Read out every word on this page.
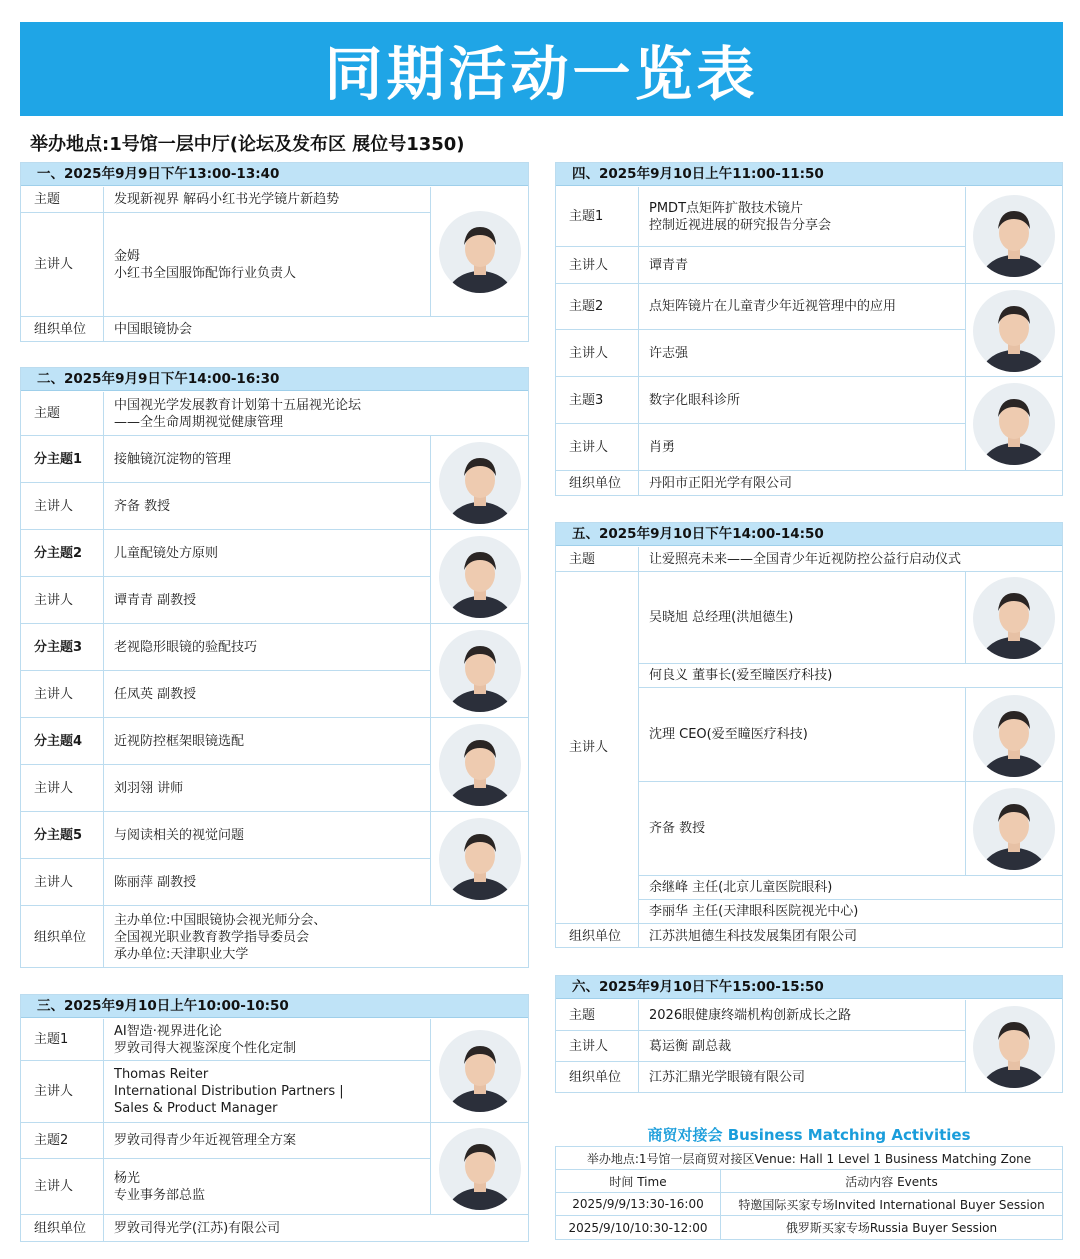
同期活动一览表
举办地点:1号馆一层中厅(论坛及发布区 展位号1350)
一、2025年9月9日下午13:00-13:40
主题	发现新视界 解码小红书光学镜片新趋势
主讲人
金姆
小红书全国服饰配饰行业负责人
组织单位	中国眼镜协会
二、2025年9月9日下午14:00-16:30
主题
中国视光学发展教育计划第十五届视光论坛
——全生命周期视觉健康管理
分主题1	接触镜沉淀物的管理
主讲人	齐备 教授
分主题2	儿童配镜处方原则
主讲人	谭青青 副教授
分主题3	老视隐形眼镜的验配技巧
主讲人	任凤英 副教授
分主题4	近视防控框架眼镜选配
主讲人	刘羽翎 讲师
分主题5	与阅读相关的视觉问题
主讲人	陈丽萍 副教授
组织单位
主办单位:中国眼镜协会视光师分会、
全国视光职业教育教学指导委员会
承办单位:天津职业大学
三、2025年9月10日上午10:00-10:50
主题1
AI智造·视界进化论
罗敦司得大视鉴深度个性化定制
主讲人
Thomas Reiter
International Distribution Partners |
Sales & Product Manager
主题2	罗敦司得青少年近视管理全方案
主讲人
杨光
专业事务部总监
组织单位	罗敦司得光学(江苏)有限公司
四、2025年9月10日上午11:00-11:50
主题1
PMDT点矩阵扩散技术镜片
控制近视进展的研究报告分享会
主讲人	谭青青
主题2	点矩阵镜片在儿童青少年近视管理中的应用
主讲人	许志强
主题3	数字化眼科诊所
主讲人	肖勇
组织单位	丹阳市正阳光学有限公司
五、2025年9月10日下午14:00-14:50
主题	让爱照亮未来——全国青少年近视防控公益行启动仪式
主讲人
吴晓旭 总经理(洪旭德生)
何良义 董事长(爱至瞳医疗科技)
沈理 CEO(爱至瞳医疗科技)
齐备 教授
余继峰 主任(北京儿童医院眼科)
李丽华 主任(天津眼科医院视光中心)
组织单位	江苏洪旭德生科技发展集团有限公司
六、2025年9月10日下午15:00-15:50
主题	2026眼健康终端机构创新成长之路
主讲人	葛运衡 副总裁
组织单位	江苏汇鼎光学眼镜有限公司
商贸对接会 Business Matching Activities
举办地点:1号馆一层商贸对接区Venue: Hall 1 Level 1 Business Matching Zone
时间 Time	活动内容 Events
2025/9/9/13:30-16:00	特邀国际买家专场Invited International Buyer Session
2025/9/10/10:30-12:00	俄罗斯买家专场Russia Buyer Session
